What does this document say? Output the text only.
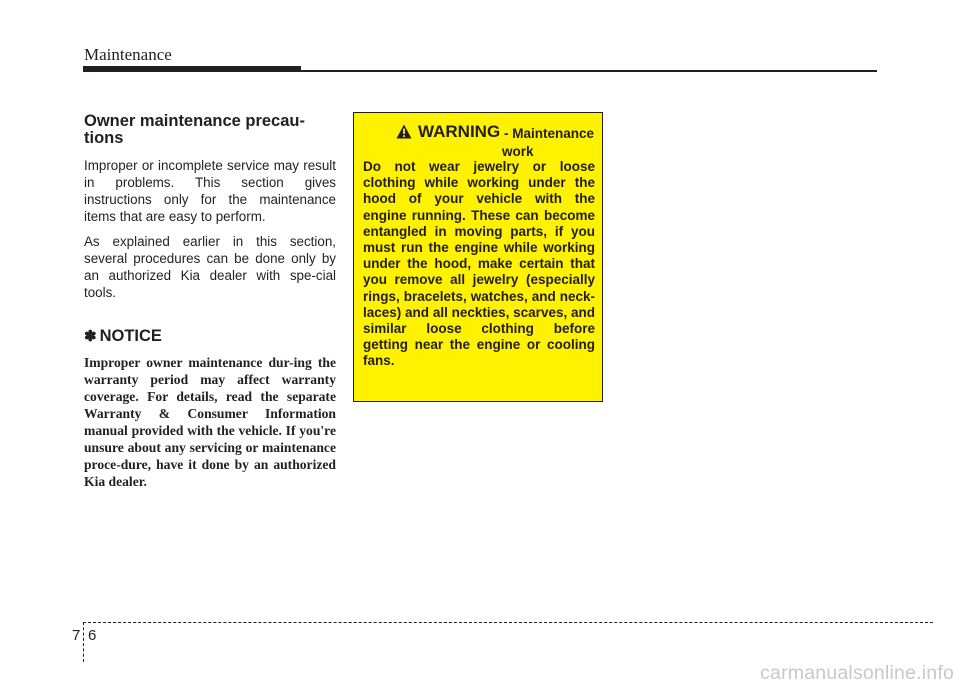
Maintenance
Owner maintenance precau-
tions

Improper or incomplete service may result in problems. This section gives instructions only for the maintenance items that are easy to perform.

As explained earlier in this section, several procedures can be done only by an authorized Kia dealer with spe-cial tools.

✽ NOTICE

Improper owner maintenance dur-ing the warranty period may affect warranty coverage. For details, read the separate Warranty & Consumer Information manual provided with the vehicle. If you're unsure about any servicing or maintenance proce-dure, have it done by an authorized Kia dealer.

WARNING - Maintenance
work

Do not wear jewelry or loose clothing while working under the hood of your vehicle with the engine running. These can become entangled in moving parts, if you must run the engine while working under the hood, make certain that you remove all jewelry (especially rings, bracelets, watches, and neck-laces) and all neckties, scarves, and similar loose clothing before getting near the engine or cooling fans.

7 6
carmanualsonline.info
